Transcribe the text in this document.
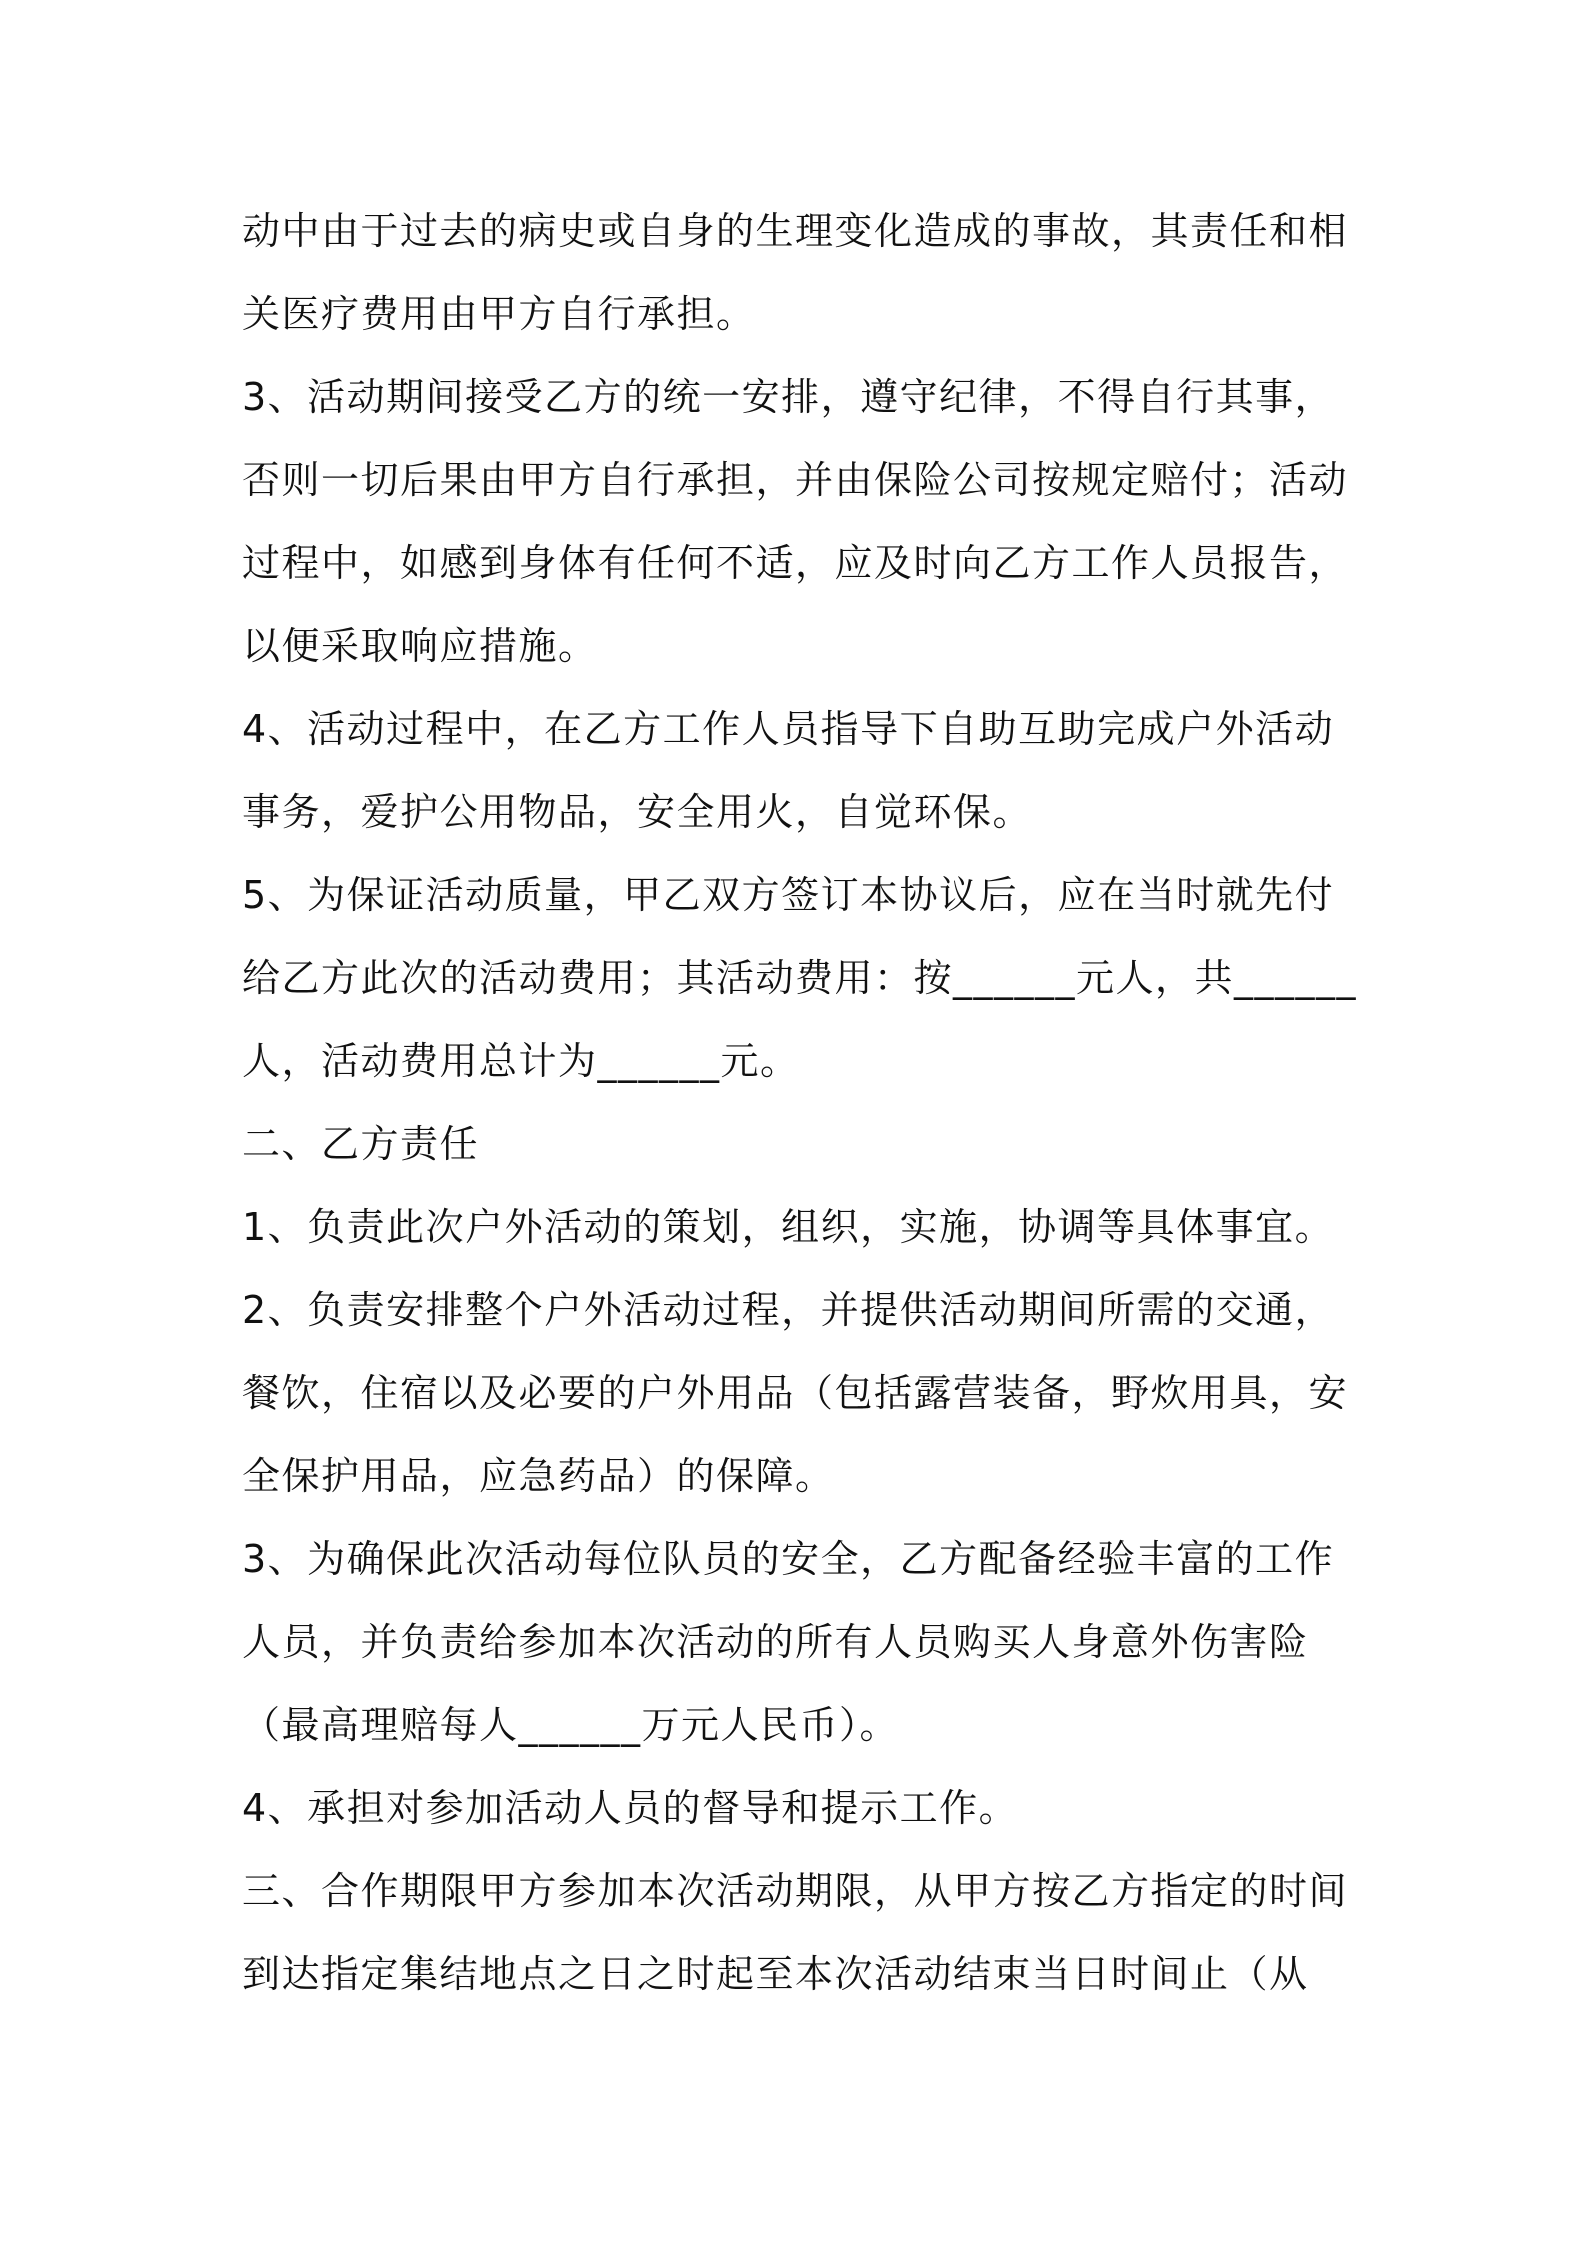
动中由于过去的病史或自身的生理变化造成的事故，其责任和相
关医疗费用由甲方自行承担。
3、活动期间接受乙方的统一安排，遵守纪律，不得自行其事，
否则一切后果由甲方自行承担，并由保险公司按规定赔付；活动
过程中，如感到身体有任何不适，应及时向乙方工作人员报告，
以便采取响应措施。
4、活动过程中，在乙方工作人员指导下自助互助完成户外活动
事务，爱护公用物品，安全用火，自觉环保。
5、为保证活动质量，甲乙双方签订本协议后，应在当时就先付
给乙方此次的活动费用；其活动费用：按______元人，共______
人，活动费用总计为______元。
二、乙方责任
1、负责此次户外活动的策划，组织，实施，协调等具体事宜。
2、负责安排整个户外活动过程，并提供活动期间所需的交通，
餐饮，住宿以及必要的户外用品（包括露营装备，野炊用具，安
全保护用品，应急药品）的保障。
3、为确保此次活动每位队员的安全，乙方配备经验丰富的工作
人员，并负责给参加本次活动的所有人员购买人身意外伤害险
（最高理赔每人______万元人民币）。
4、承担对参加活动人员的督导和提示工作。
三、合作期限甲方参加本次活动期限，从甲方按乙方指定的时间
到达指定集结地点之日之时起至本次活动结束当日时间止（从
